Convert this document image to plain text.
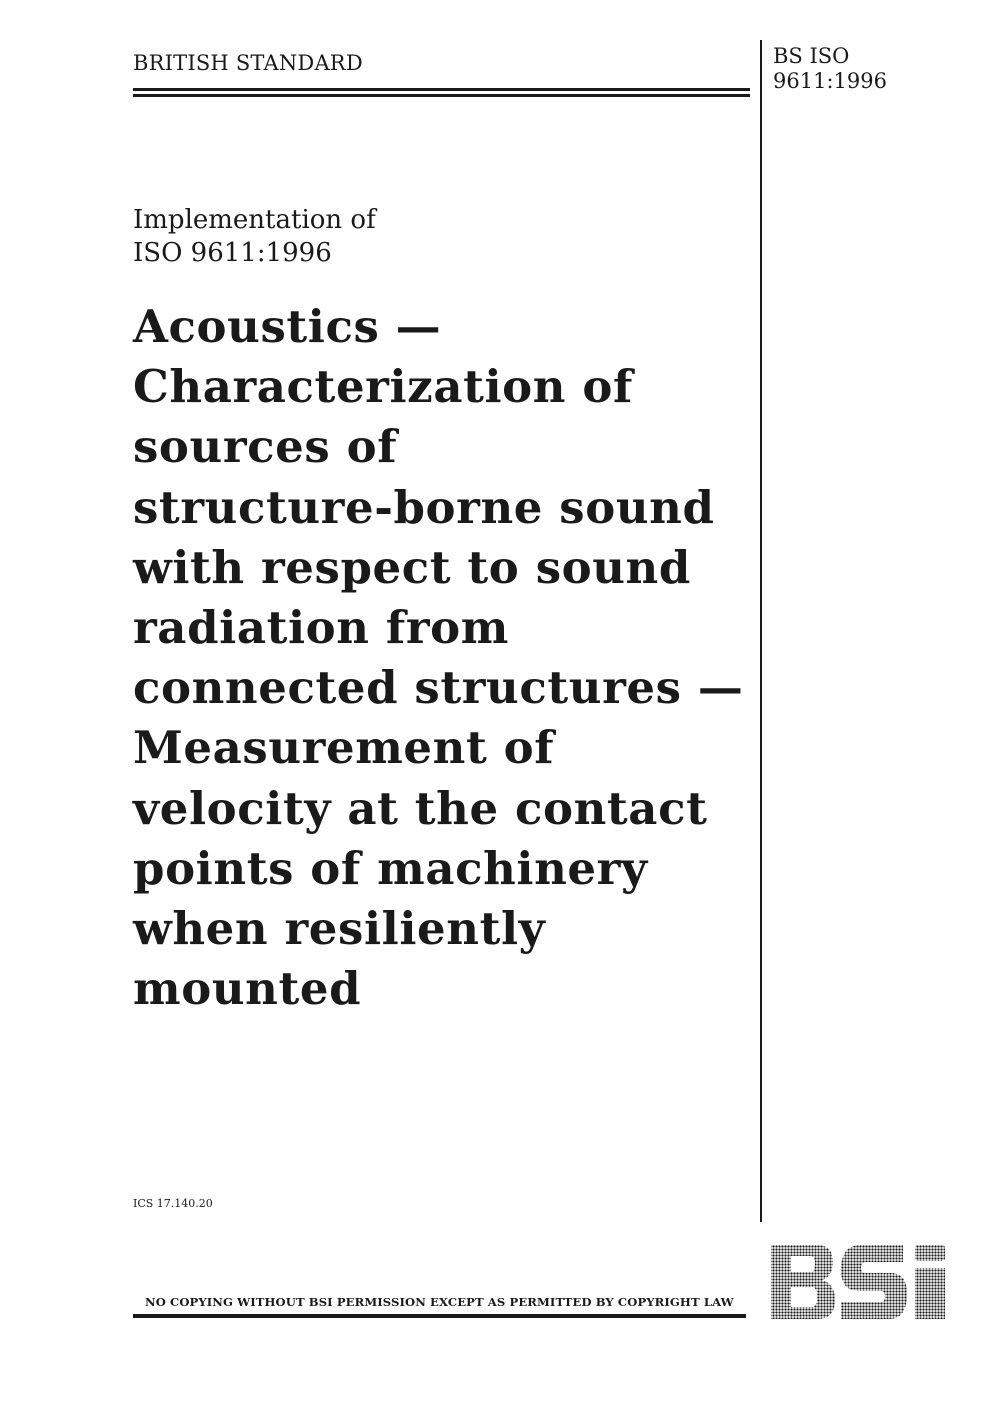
BRITISH STANDARD	BS ISO
9611:1996
Implementation of
ISO 9611:1996
Acoustics —
Characterization of
sources of
structure-borne sound
with respect to sound
radiation from
connected structures —
Measurement of
velocity at the contact
points of machinery
when resiliently
mounted
ICS 17.140.20
NO COPYING WITHOUT BSI PERMISSION EXCEPT AS PERMITTED BY COPYRIGHT LAW
